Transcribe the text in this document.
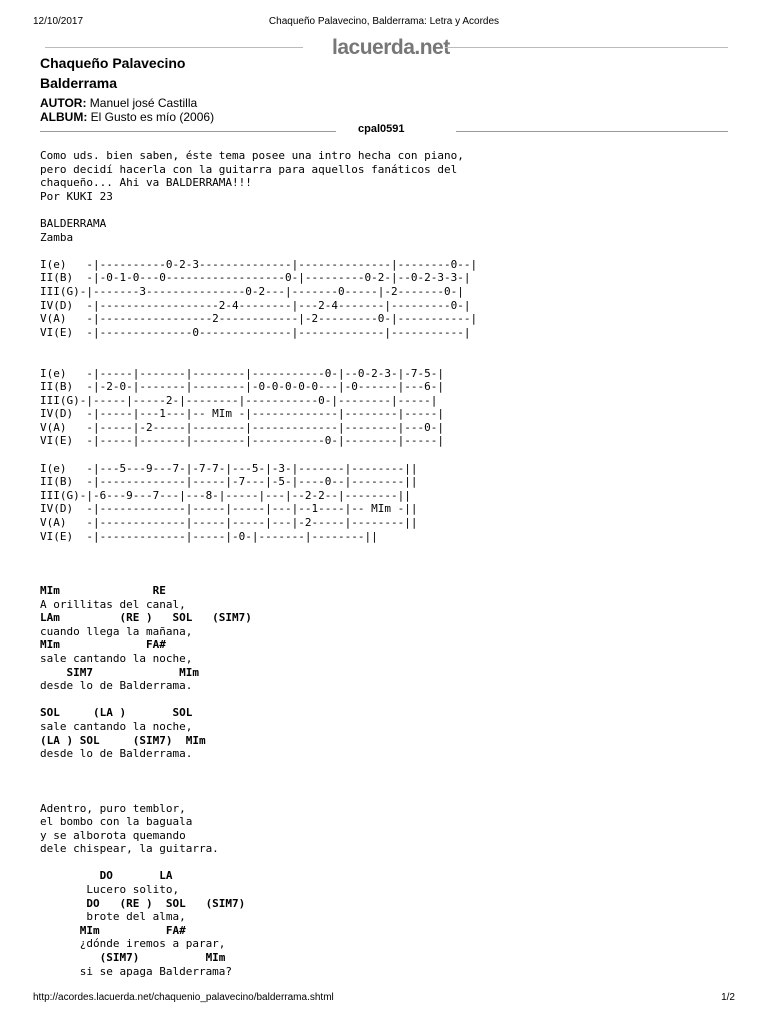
12/10/2017	Chaqueño Palavecino, Balderrama: Letra y Acordes
lacuerda.net
Chaqueño Palavecino
Balderrama
AUTOR: Manuel josé Castilla
ALBUM: El Gusto es mío (2006)
cpal0591
Como uds. bien saben, éste tema posee una intro hecha con piano,
pero decidí hacerla con la guitarra para aquellos fanáticos del
chaqueño... Ahi va BALDERRAMA!!!
Por KUKI 23
BALDERRAMA
Zamba
I(e)   -|----------0-2-3--------------|--------------|--------0--|
II(B)  -|-0-1-0---0------------------0-|---------0-2-|--0-2-3-3-|
III(G)-|-------3---------------0-2---|-------0-----|-2-------0-|
IV(D)  -|------------------2-4--------|---2-4-------|---------0-|
V(A)   -|-----------------2------------|-2---------0-|-----------|
VI(E)  -|--------------0--------------|-------------|-----------|
I(e)   -|-----|-------|--------|-----------0-|--0-2-3-|-7-5-|
II(B)  -|-2-0-|-------|--------|-0-0-0-0-0---|-0------|---6-|
III(G)-|-----|-----2-|--------|-----------0-|--------|-----|
IV(D)  -|-----|---1---|-- MIm -|-------------|--------|-----|
V(A)   -|-----|-2-----|--------|-------------|--------|---0-|
VI(E)  -|-----|-------|--------|-----------0-|--------|-----|
I(e)   -|---5---9---7-|-7-7-|---5-|-3-|-------|--------||
II(B)  -|-------------|-----|-7---|-5-|----0--|--------||
III(G)-|-6---9---7---|---8-|-----|---|--2-2--|--------||
IV(D)  -|-------------|-----|-----|---|--1----|-- MIm -||
V(A)   -|-------------|-----|-----|---|-2-----|--------||
VI(E)  -|-------------|-----|-0-|-------|--------||
MIm              RE
A orillitas del canal,
LAm         (RE )   SOL   (SIM7)
cuando llega la mañana,
MIm             FA#
sale cantando la noche,
SIM7             MIm
desde lo de Balderrama.
SOL     (LA )       SOL
sale cantando la noche,
(LA ) SOL     (SIM7)  MIm
desde lo de Balderrama.
Adentro, puro temblor,
el bombo con la baguala
y se alborota quemando
dele chispear, la guitarra.
DO       LA
Lucero solito,
DO   (RE )  SOL   (SIM7)
brote del alma,
MIm          FA#
¿dónde iremos a parar,
(SIM7)          MIm
si se apaga Balderrama?
http://acordes.lacuerda.net/chaquenio_palavecino/balderrama.shtml	1/2
